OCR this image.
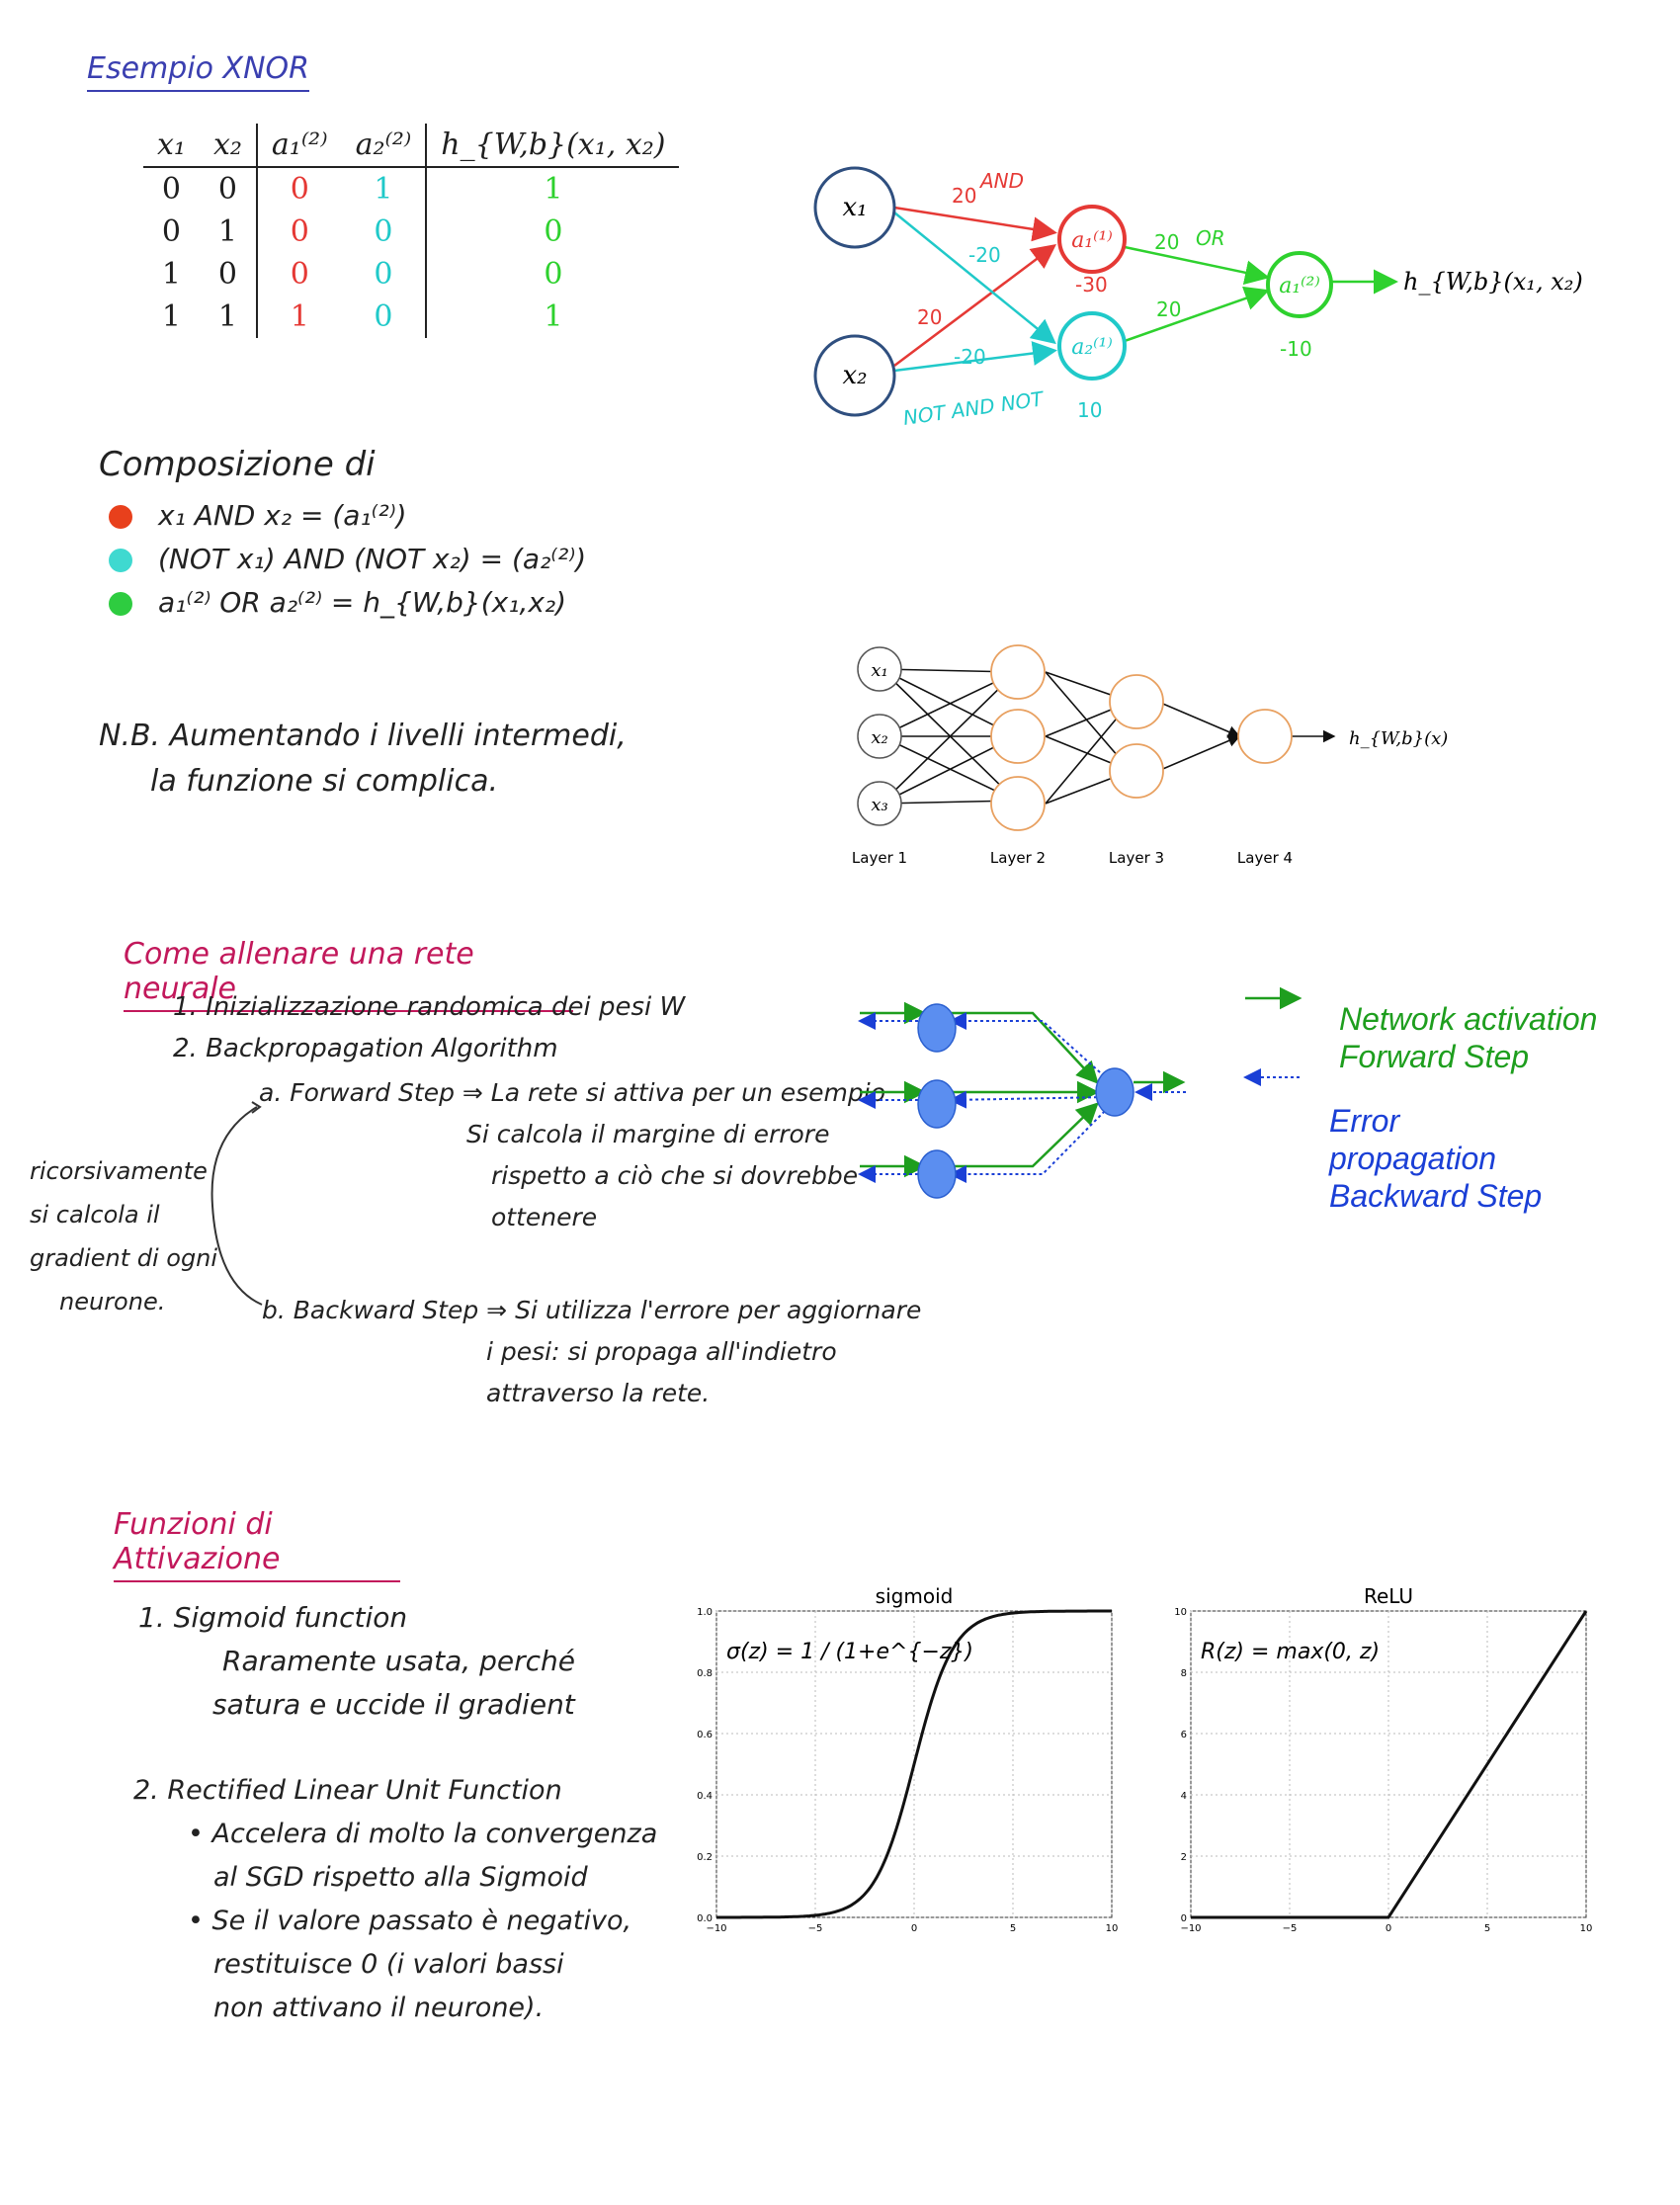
Esempio XNOR
x₁	x₂	a₁⁽²⁾	a₂⁽²⁾	h_{W,b}(x₁, x₂)
0	0	0	1	1
0	1	0	0	0
1	0	0	0	0
1	1	1	0	1
x₁
x₂
a₁⁽¹⁾
a₂⁽¹⁾
a₁⁽²⁾	h_{W,b}(x₁, x₂)
20
AND
-20
20
-20
NOT AND NOT
-30
10
20 OR
20
-10
Composizione di
x₁ AND x₂ = (a₁⁽²⁾)
(NOT x₁) AND (NOT x₂) = (a₂⁽²⁾)
a₁⁽²⁾ OR a₂⁽²⁾ = h_{W,b}(x₁,x₂)
N.B. Aumentando i livelli intermedi,
la funzione si complica.
x₁
x₂
x₃
h_{W,b}(x)
Layer 1	Layer 2	Layer 3	Layer 4
Come allenare una rete neurale
1. Inizializzazione randomica dei pesi W
2. Backpropagation Algorithm
a. Forward Step ⇒ La rete si attiva per un esempio
Si calcola il margine di errore
rispetto a ciò che si dovrebbe
ottenere
b. Backward Step ⇒ Si utilizza l'errore per aggiornare
i pesi: si propaga all'indietro
attraverso la rete.
ricorsivamente
si calcola il
gradient di ogni
neurone.
Network activation
Forward Step
Error
propagation
Backward Step
Funzioni di Attivazione
1. Sigmoid function
Raramente usata, perché
satura e uccide il gradient
2. Rectified Linear Unit Function
• Accelera di molto la convergenza
al SGD rispetto alla Sigmoid
• Se il valore passato è negativo,
restituisce 0 (i valori bassi
non attivano il neurone).
sigmoid
−10	−5	0	5	10
0.0
0.2
0.4
0.6
0.8
1.0
σ(z) = 1 / (1+e^{−z})
ReLU
−10	−5	0	5	10
0
2
4
6
8
10
R(z) = max(0, z)
